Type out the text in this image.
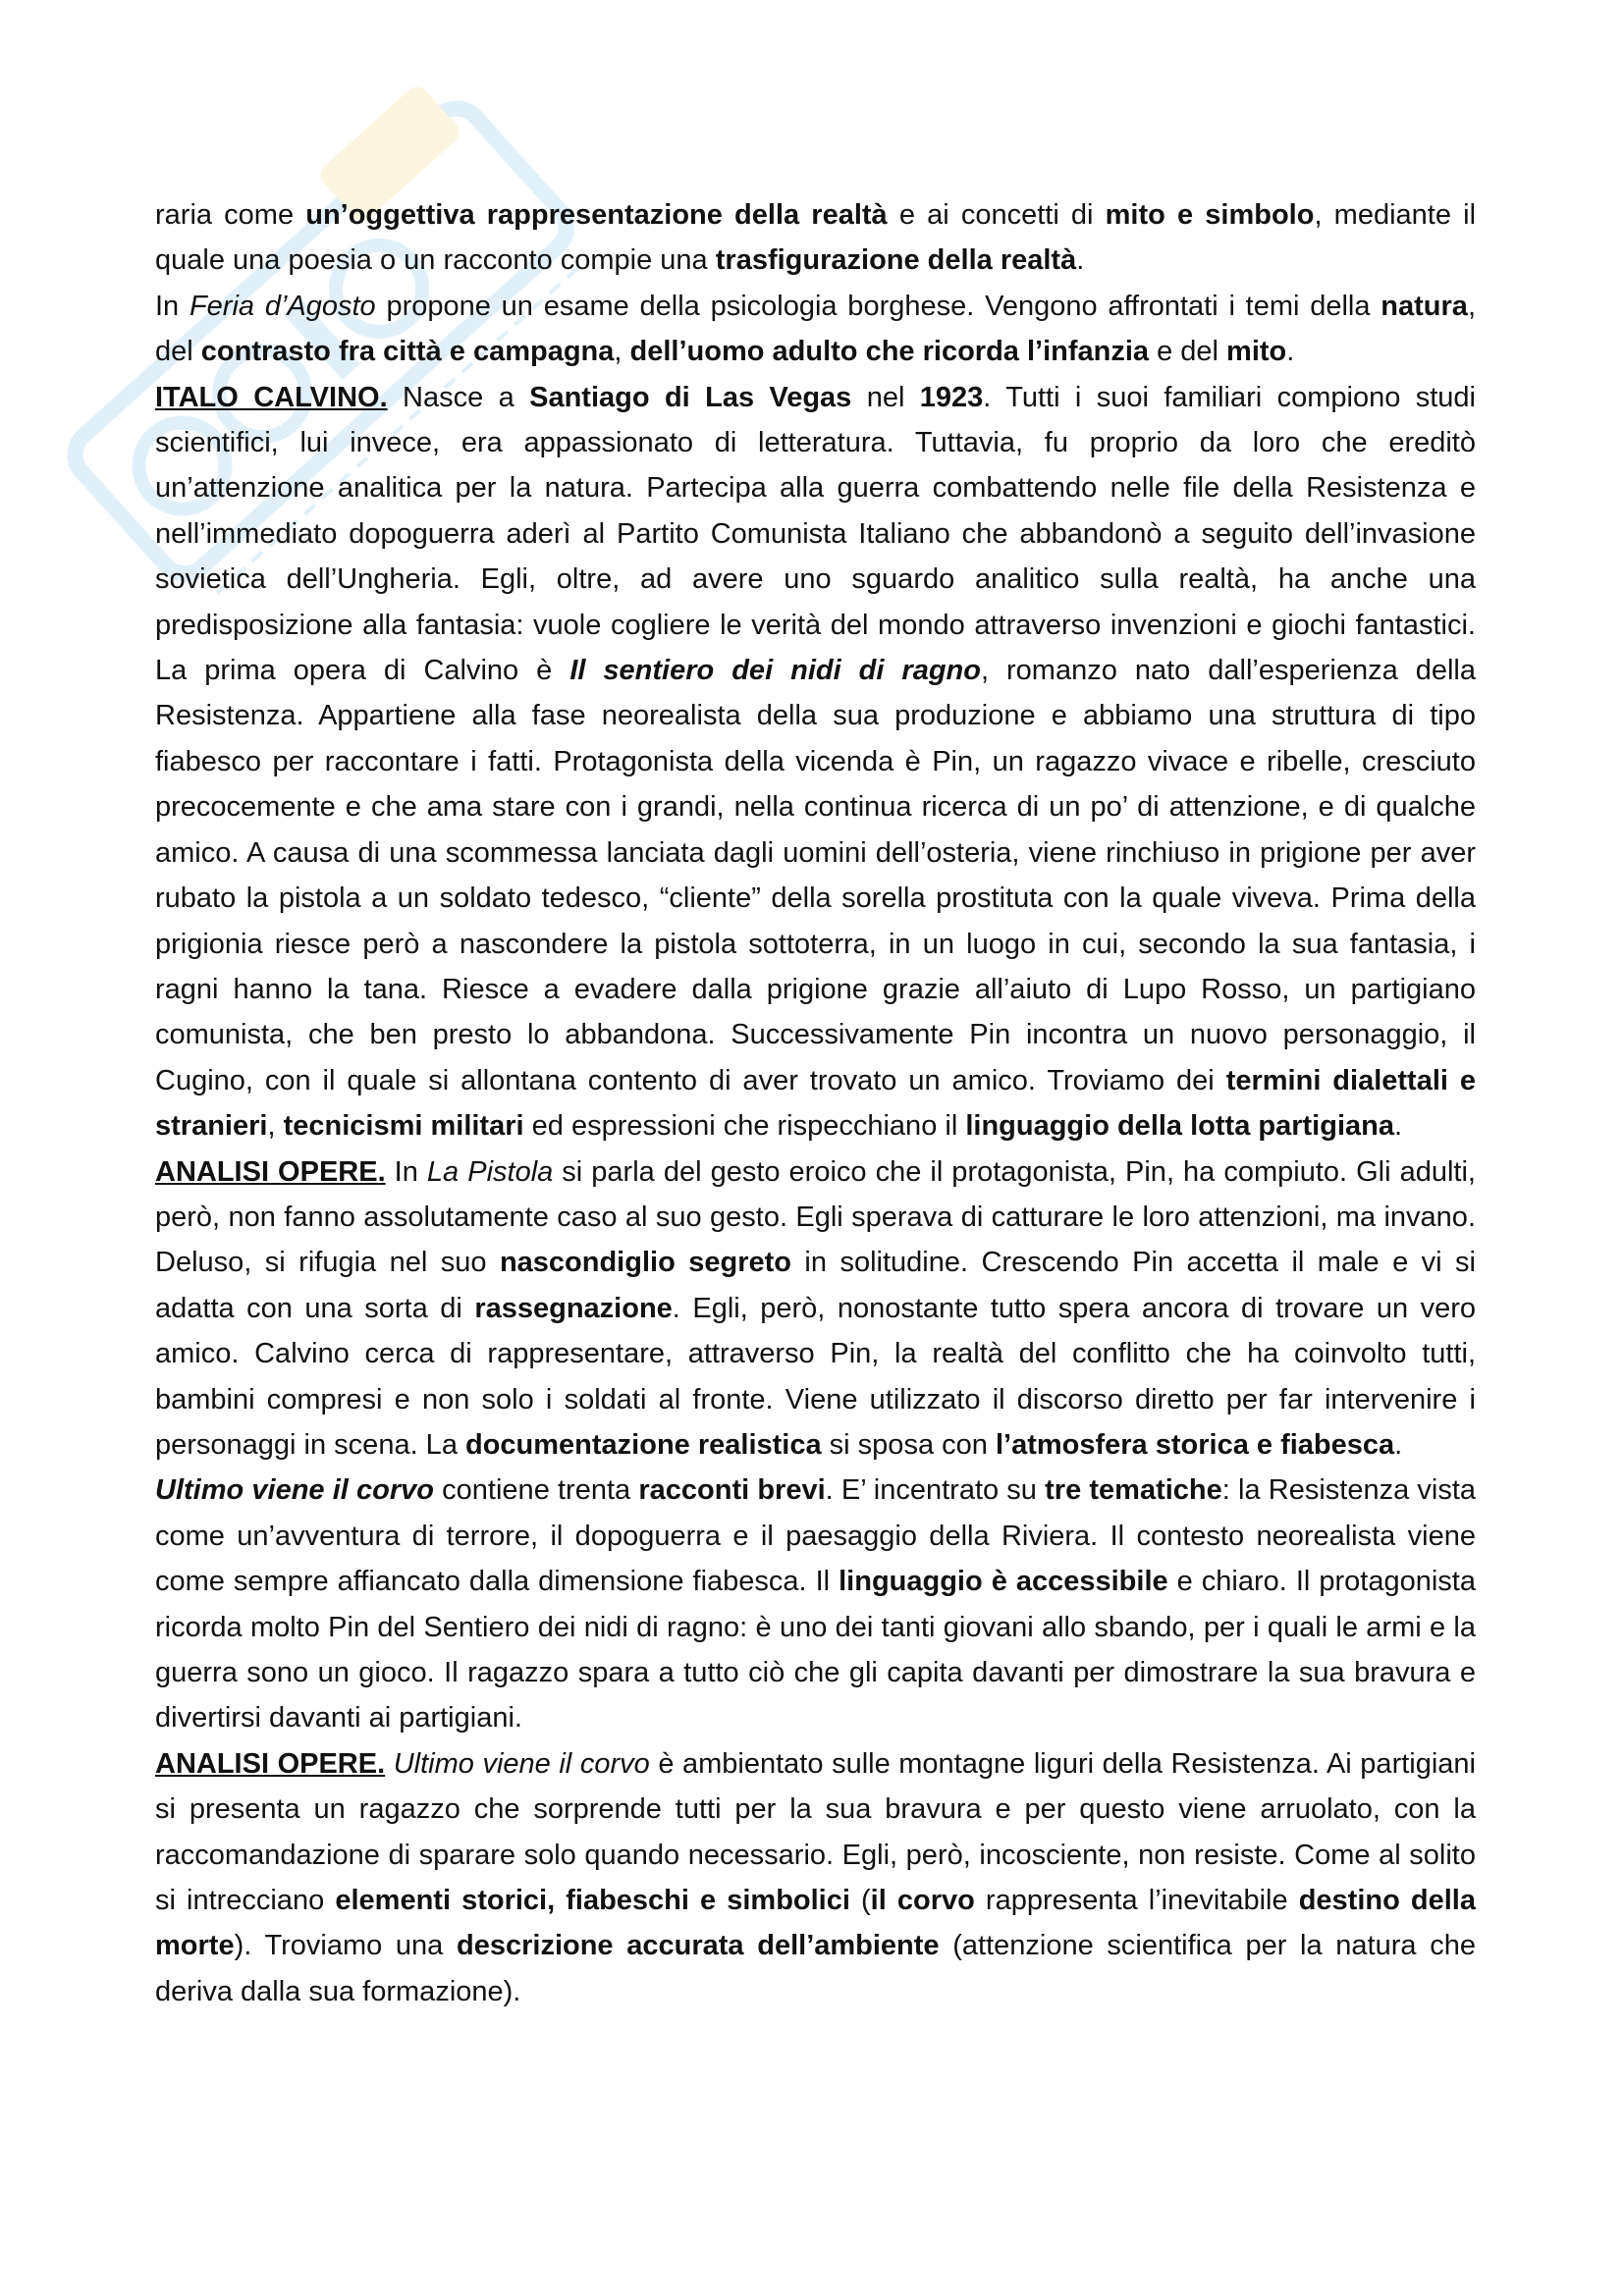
raria come un’oggettiva rappresentazione della realtà e ai concetti di mito e simbolo, mediante il quale una poesia o un racconto compie una trasfigurazione della realtà.

In Feria d’Agosto propone un esame della psicologia borghese. Vengono affrontati i temi della natura, del contrasto fra città e campagna, dell’uomo adulto che ricorda l’infanzia e del mito.

ITALO CALVINO. Nasce a Santiago di Las Vegas nel 1923. Tutti i suoi familiari compiono studi scientifici, lui invece, era appassionato di letteratura. Tuttavia, fu proprio da loro che ereditò un’attenzione analitica per la natura. Partecipa alla guerra combattendo nelle file della Resistenza e nell’immediato dopoguerra aderì al Partito Comunista Italiano che abbandonò a seguito dell’invasione sovietica dell’Ungheria. Egli, oltre, ad avere uno sguardo analitico sulla realtà, ha anche una predisposizione alla fantasia: vuole cogliere le verità del mondo attraverso invenzioni e giochi fantastici. La prima opera di Calvino è Il sentiero dei nidi di ragno, romanzo nato dall’esperienza della Resistenza. Appartiene alla fase neorealista della sua produzione e abbiamo una struttura di tipo fiabesco per raccontare i fatti. Protagonista della vicenda è Pin, un ragazzo vivace e ribelle, cresciuto precocemente e che ama stare con i grandi, nella continua ricerca di un po’ di attenzione, e di qualche amico. A causa di una scommessa lanciata dagli uomini dell’osteria, viene rinchiuso in prigione per aver rubato la pistola a un soldato tedesco, “cliente” della sorella prostituta con la quale viveva. Prima della prigionia riesce però a nascondere la pistola sottoterra, in un luogo in cui, secondo la sua fantasia, i ragni hanno la tana. Riesce a evadere dalla prigione grazie all’aiuto di Lupo Rosso, un partigiano comunista, che ben presto lo abbandona. Successivamente Pin incontra un nuovo personaggio, il Cugino, con il quale si allontana contento di aver trovato un amico. Troviamo dei termini dialettali e stranieri, tecnicismi militari ed espressioni che rispecchiano il linguaggio della lotta partigiana.

ANALISI OPERE. In La Pistola si parla del gesto eroico che il protagonista, Pin, ha compiuto. Gli adulti, però, non fanno assolutamente caso al suo gesto. Egli sperava di catturare le loro attenzioni, ma invano. Deluso, si rifugia nel suo nascondiglio segreto in solitudine. Crescendo Pin accetta il male e vi si adatta con una sorta di rassegnazione. Egli, però, nonostante tutto spera ancora di trovare un vero amico. Calvino cerca di rappresentare, attraverso Pin, la realtà del conflitto che ha coinvolto tutti, bambini compresi e non solo i soldati al fronte. Viene utilizzato il discorso diretto per far intervenire i personaggi in scena. La documentazione realistica si sposa con l’atmosfera storica e fiabesca.

Ultimo viene il corvo contiene trenta racconti brevi. E’ incentrato su tre tematiche: la Resistenza vista come un’avventura di terrore, il dopoguerra e il paesaggio della Riviera. Il contesto neorealista viene come sempre affiancato dalla dimensione fiabesca. Il linguaggio è accessibile e chiaro. Il protagonista ricorda molto Pin del Sentiero dei nidi di ragno: è uno dei tanti giovani allo sbando, per i quali le armi e la guerra sono un gioco. Il ragazzo spara a tutto ciò che gli capita davanti per dimostrare la sua bravura e divertirsi davanti ai partigiani.

ANALISI OPERE. Ultimo viene il corvo è ambientato sulle montagne liguri della Resistenza. Ai partigiani si presenta un ragazzo che sorprende tutti per la sua bravura e per questo viene arruolato, con la raccomandazione di sparare solo quando necessario. Egli, però, incosciente, non resiste. Come al solito si intrecciano elementi storici, fiabeschi e simbolici (il corvo rappresenta l’inevitabile destino della morte). Troviamo una descrizione accurata dell’ambiente (attenzione scientifica per la natura che deriva dalla sua formazione).
